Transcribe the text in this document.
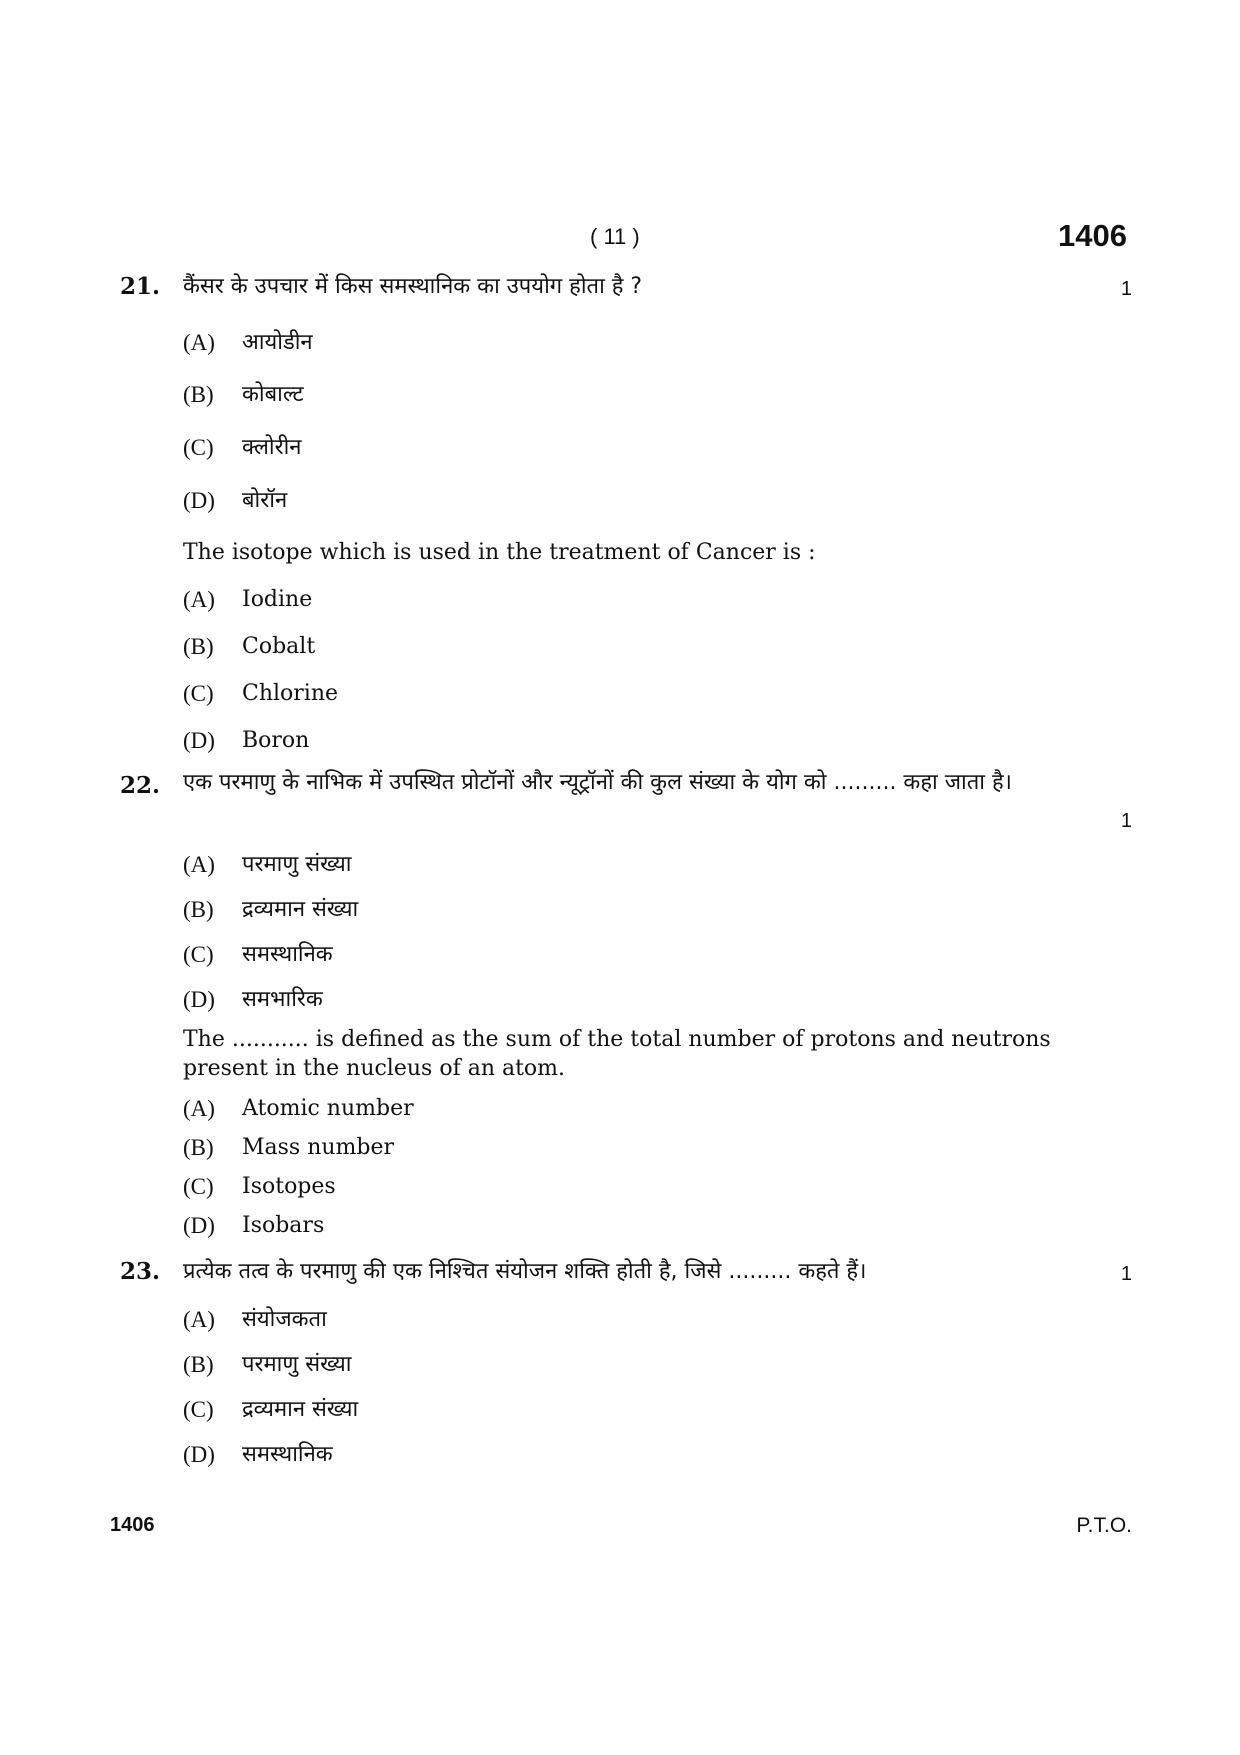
( 11 )	1406
21. कैंसर के उपचार में किस समस्थानिक का उपयोग होता है ?	1
(A) आयोडीन
(B) कोबाल्ट
(C) क्लोरीन
(D) बोरॉन
The isotope which is used in the treatment of Cancer is :
(A) Iodine
(B) Cobalt
(C) Chlorine
(D) Boron
22. एक परमाणु के नाभिक में उपस्थित प्रोटॉनों और न्यूट्रॉनों की कुल संख्या के योग को ......... कहा जाता है।
1
(A) परमाणु संख्या
(B) द्रव्यमान संख्या
(C) समस्थानिक
(D) समभारिक
The ........... is defined as the sum of the total number of protons and neutrons present in the nucleus of an atom.
(A) Atomic number
(B) Mass number
(C) Isotopes
(D) Isobars
23. प्रत्येक तत्व के परमाणु की एक निश्चित संयोजन शक्ति होती है, जिसे ......... कहते हैं।	1
(A) संयोजकता
(B) परमाणु संख्या
(C) द्रव्यमान संख्या
(D) समस्थानिक
1406	P.T.O.
